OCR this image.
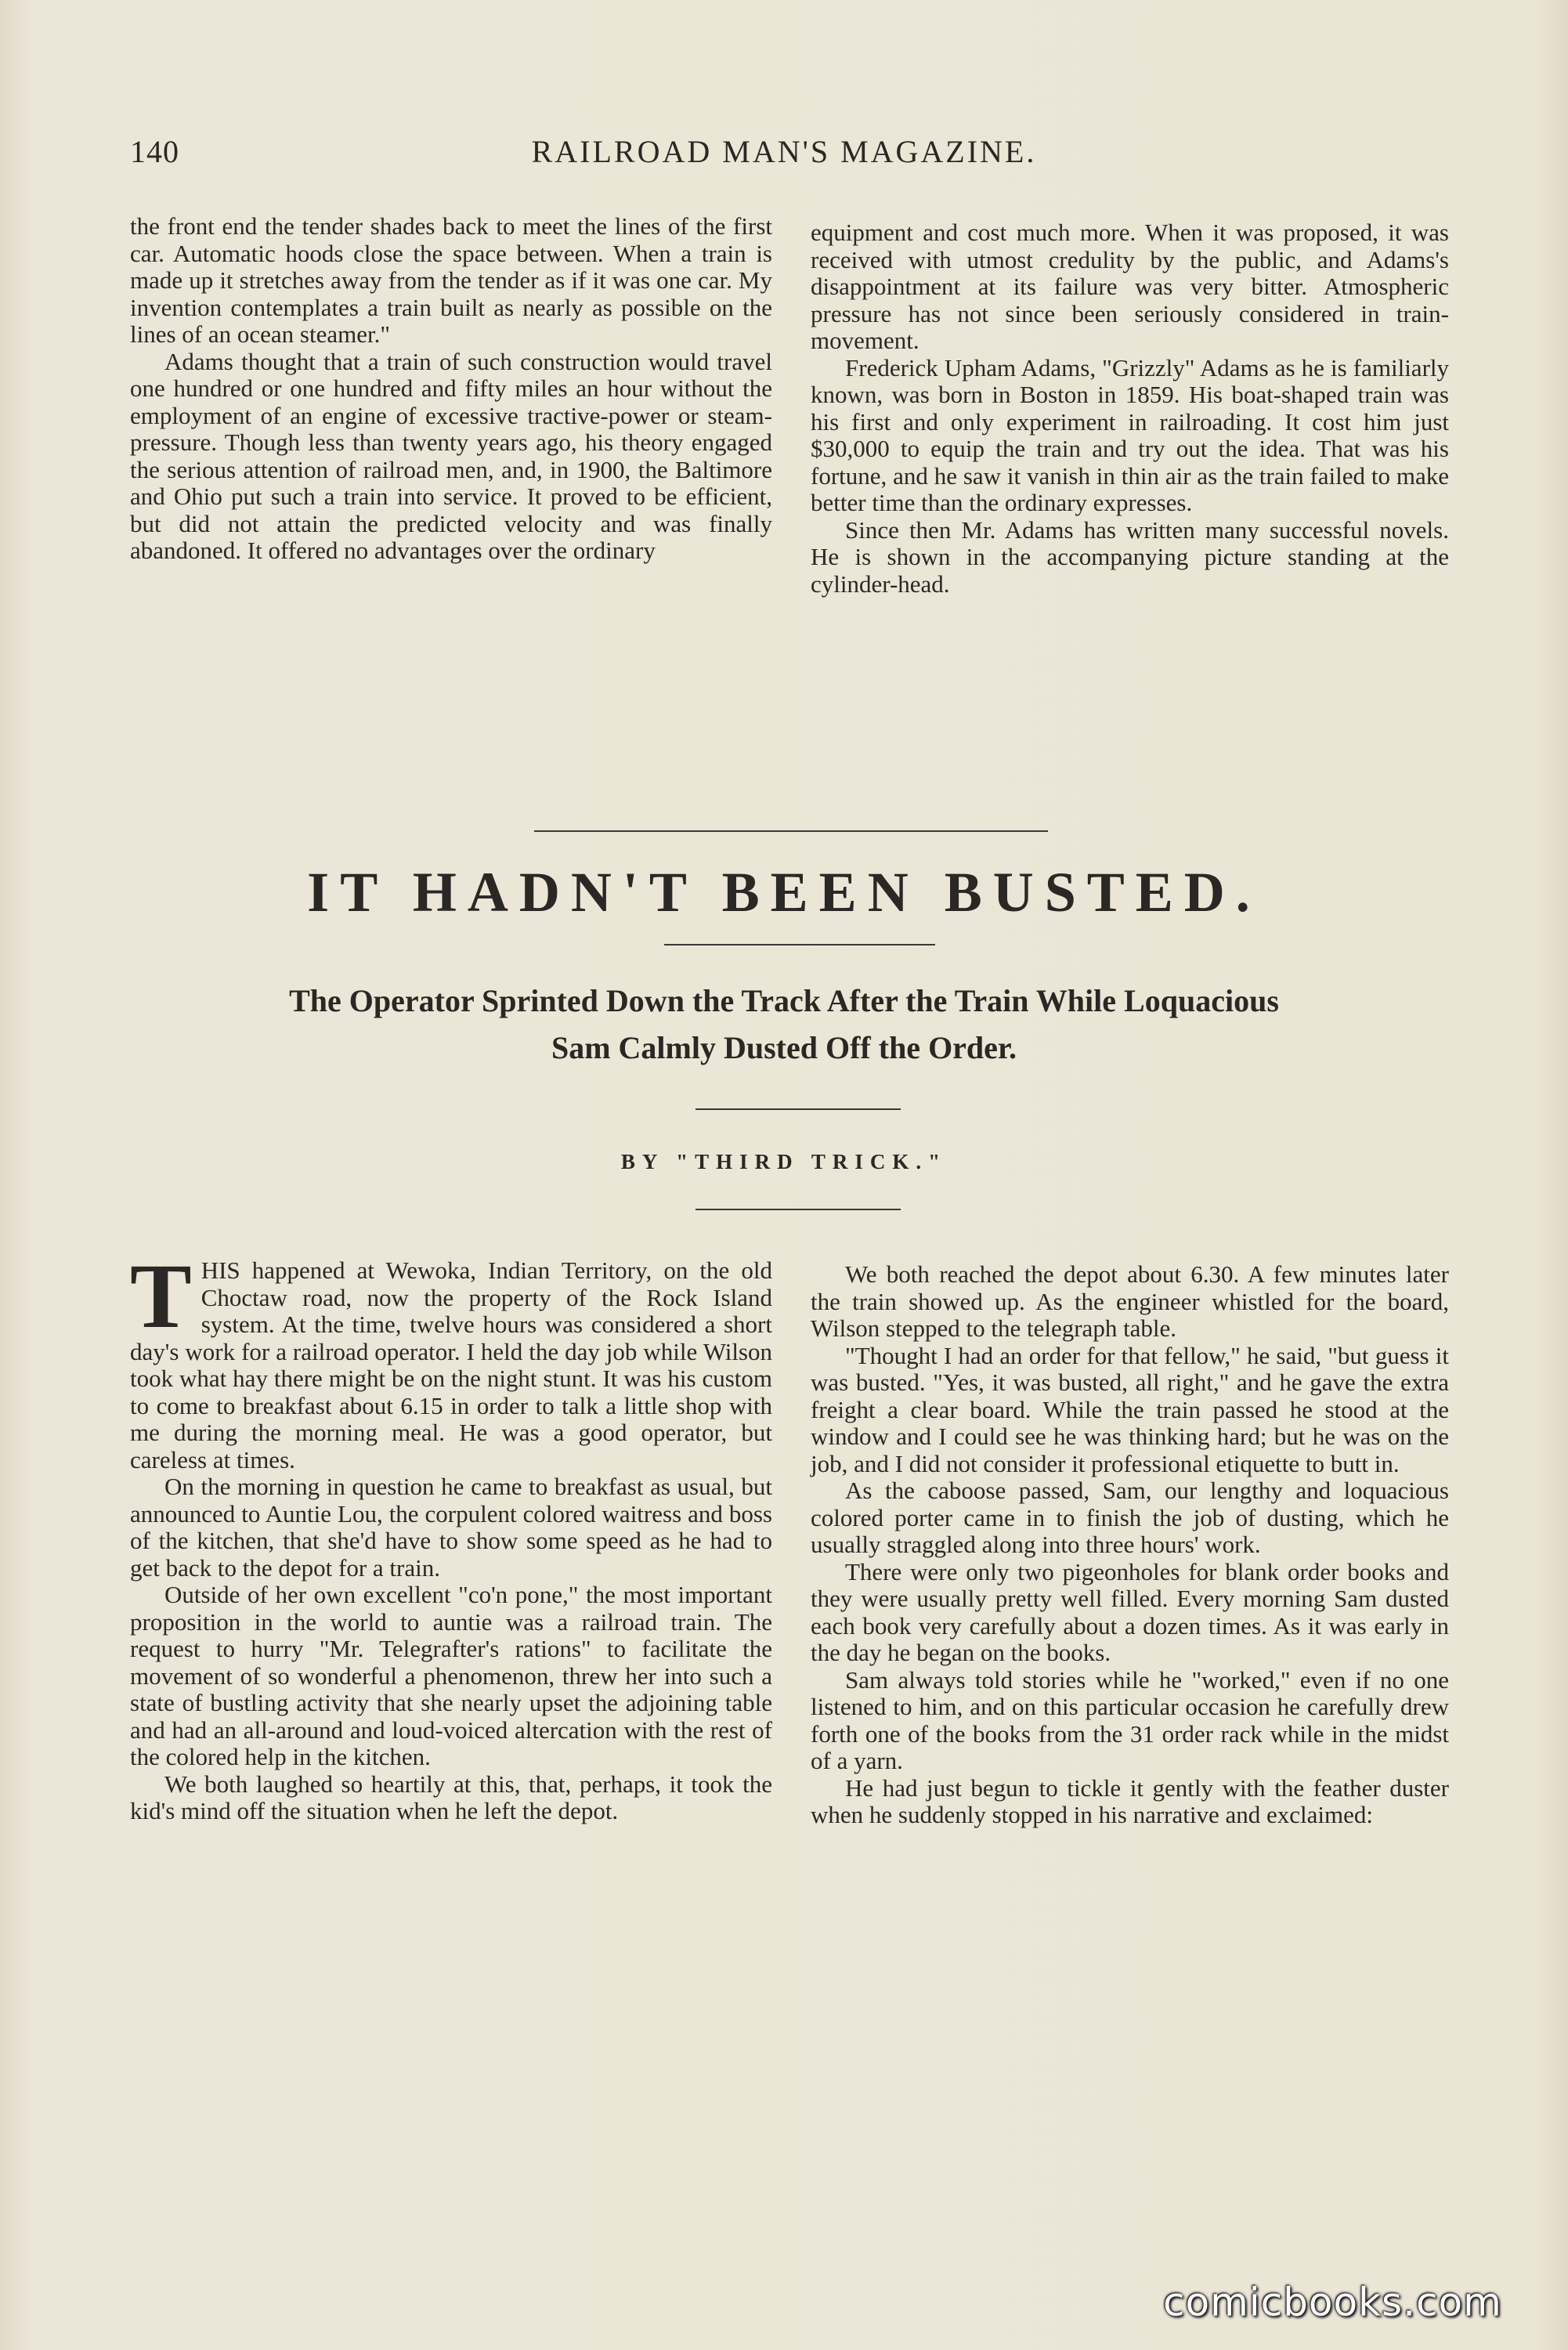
140	RAILROAD MAN'S MAGAZINE.

the front end the tender shades back to meet the lines of the first car. Automatic hoods close the space between. When a train is made up it stretches away from the tender as if it was one car. My invention contemplates a train built as nearly as possible on the lines of an ocean steamer."

Adams thought that a train of such construction would travel one hundred or one hundred and fifty miles an hour without the employment of an engine of excessive tractive-power or steam-pressure. Though less than twenty years ago, his theory engaged the serious attention of railroad men, and, in 1900, the Baltimore and Ohio put such a train into service. It proved to be efficient, but did not attain the predicted velocity and was finally abandoned. It offered no advantages over the ordinary

equipment and cost much more. When it was proposed, it was received with utmost credulity by the public, and Adams's disappointment at its failure was very bitter. Atmospheric pressure has not since been seriously considered in train-movement.

Frederick Upham Adams, "Grizzly" Adams as he is familiarly known, was born in Boston in 1859. His boat-shaped train was his first and only experiment in railroading. It cost him just $30,000 to equip the train and try out the idea. That was his fortune, and he saw it vanish in thin air as the train failed to make better time than the ordinary expresses.

Since then Mr. Adams has written many successful novels. He is shown in the accompanying picture standing at the cylinder-head.

IT HADN'T BEEN BUSTED.
The Operator Sprinted Down the Track After the Train While Loquacious
Sam Calmly Dusted Off the Order.
BY "THIRD TRICK."

THIS happened at Wewoka, Indian Territory, on the old Choctaw road, now the property of the Rock Island system. At the time, twelve hours was considered a short day's work for a railroad operator. I held the day job while Wilson took what hay there might be on the night stunt. It was his custom to come to breakfast about 6.15 in order to talk a little shop with me during the morning meal. He was a good operator, but careless at times.

On the morning in question he came to breakfast as usual, but announced to Auntie Lou, the corpulent colored waitress and boss of the kitchen, that she'd have to show some speed as he had to get back to the depot for a train.

Outside of her own excellent "co'n pone," the most important proposition in the world to auntie was a railroad train. The request to hurry "Mr. Telegrafter's rations" to facilitate the movement of so wonderful a phenomenon, threw her into such a state of bustling activity that she nearly upset the adjoining table and had an all-around and loud-voiced altercation with the rest of the colored help in the kitchen.

We both laughed so heartily at this, that, perhaps, it took the kid's mind off the situation when he left the depot.

We both reached the depot about 6.30. A few minutes later the train showed up. As the engineer whistled for the board, Wilson stepped to the telegraph table.

"Thought I had an order for that fellow," he said, "but guess it was busted. "Yes, it was busted, all right," and he gave the extra freight a clear board. While the train passed he stood at the window and I could see he was thinking hard; but he was on the job, and I did not consider it professional etiquette to butt in.

As the caboose passed, Sam, our lengthy and loquacious colored porter came in to finish the job of dusting, which he usually straggled along into three hours' work.

There were only two pigeonholes for blank order books and they were usually pretty well filled. Every morning Sam dusted each book very carefully about a dozen times. As it was early in the day he began on the books.

Sam always told stories while he "worked," even if no one listened to him, and on this particular occasion he carefully drew forth one of the books from the 31 order rack while in the midst of a yarn.

He had just begun to tickle it gently with the feather duster when he suddenly stopped in his narrative and exclaimed:

comicbooks.com
